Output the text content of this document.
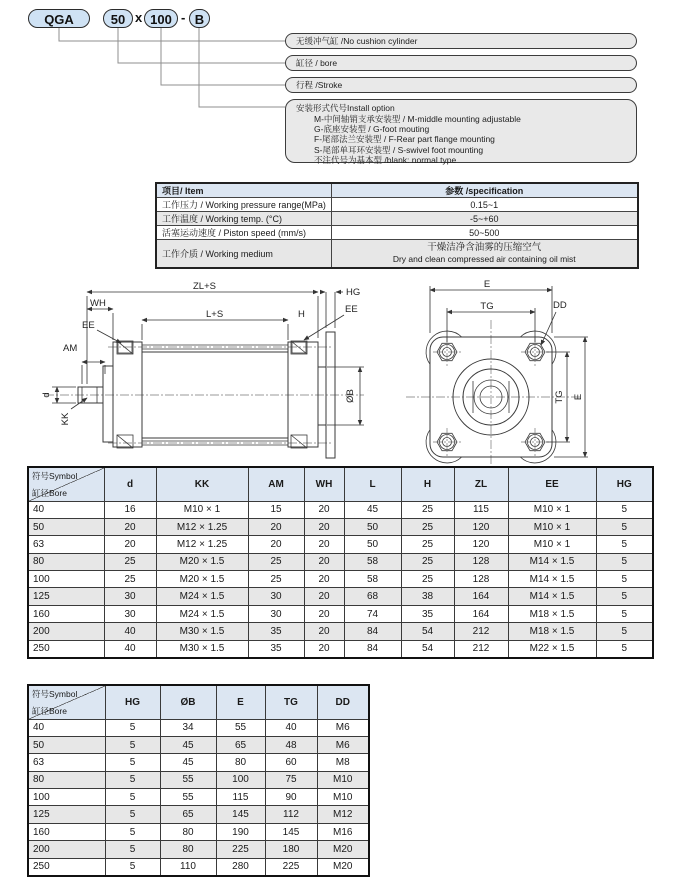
QGA	50 x 100 - B
无缓冲气缸 /No cushion cylinder
缸径 / bore
行程 /Stroke
安装形式代号Install option
M-中间轴销支承安装型 / M-middle mounting adjustable
G-底座安装型 / G-foot mouting
F-尾部法兰安装型 / F-Rear part flange mounting
S-尾部单耳环安装型 / S-swivel foot mounting
不注代号为基本型 /blank: normal type
项目/ Item	参数 /specification
工作压力 / Working pressure range(MPa)	0.15~1
工作温度 / Working temp. (°C)	-5~+60
活塞运动速度 / Piston speed (mm/s)	50~500
工作介质 / Working medium	干燥洁净含油雾的压缩空气
Dry and clean compressed air containing oil mist
ZL+S
HG
WH
EE
L+S	H	EE
AM
d
KK
ØB
E
TG	DD
TG E
符号Symbol
缸径Bore	d	KK	AM	WH	L	H	ZL	EE	HG
40	16	M10 × 1	15	20	45	25	115	M10 × 1	5
50	20	M12 × 1.25	20	20	50	25	120	M10 × 1	5
63	20	M12 × 1.25	20	20	50	25	120	M10 × 1	5
80	25	M20 × 1.5	25	20	58	25	128	M14 × 1.5	5
100	25	M20 × 1.5	25	20	58	25	128	M14 × 1.5	5
125	30	M24 × 1.5	30	20	68	38	164	M14 × 1.5	5
160	30	M24 × 1.5	30	20	74	35	164	M18 × 1.5	5
200	40	M30 × 1.5	35	20	84	54	212	M18 × 1.5	5
250	40	M30 × 1.5	35	20	84	54	212	M22 × 1.5	5
符号Symbol
缸径Bore	HG	ØB	E	TG	DD
40	5	34	55	40	M6
50	5	45	65	48	M6
63	5	45	80	60	M8
80	5	55	100	75	M10
100	5	55	115	90	M10
125	5	65	145	112	M12
160	5	80	190	145	M16
200	5	80	225	180	M20
250	5	110	280	225	M20
